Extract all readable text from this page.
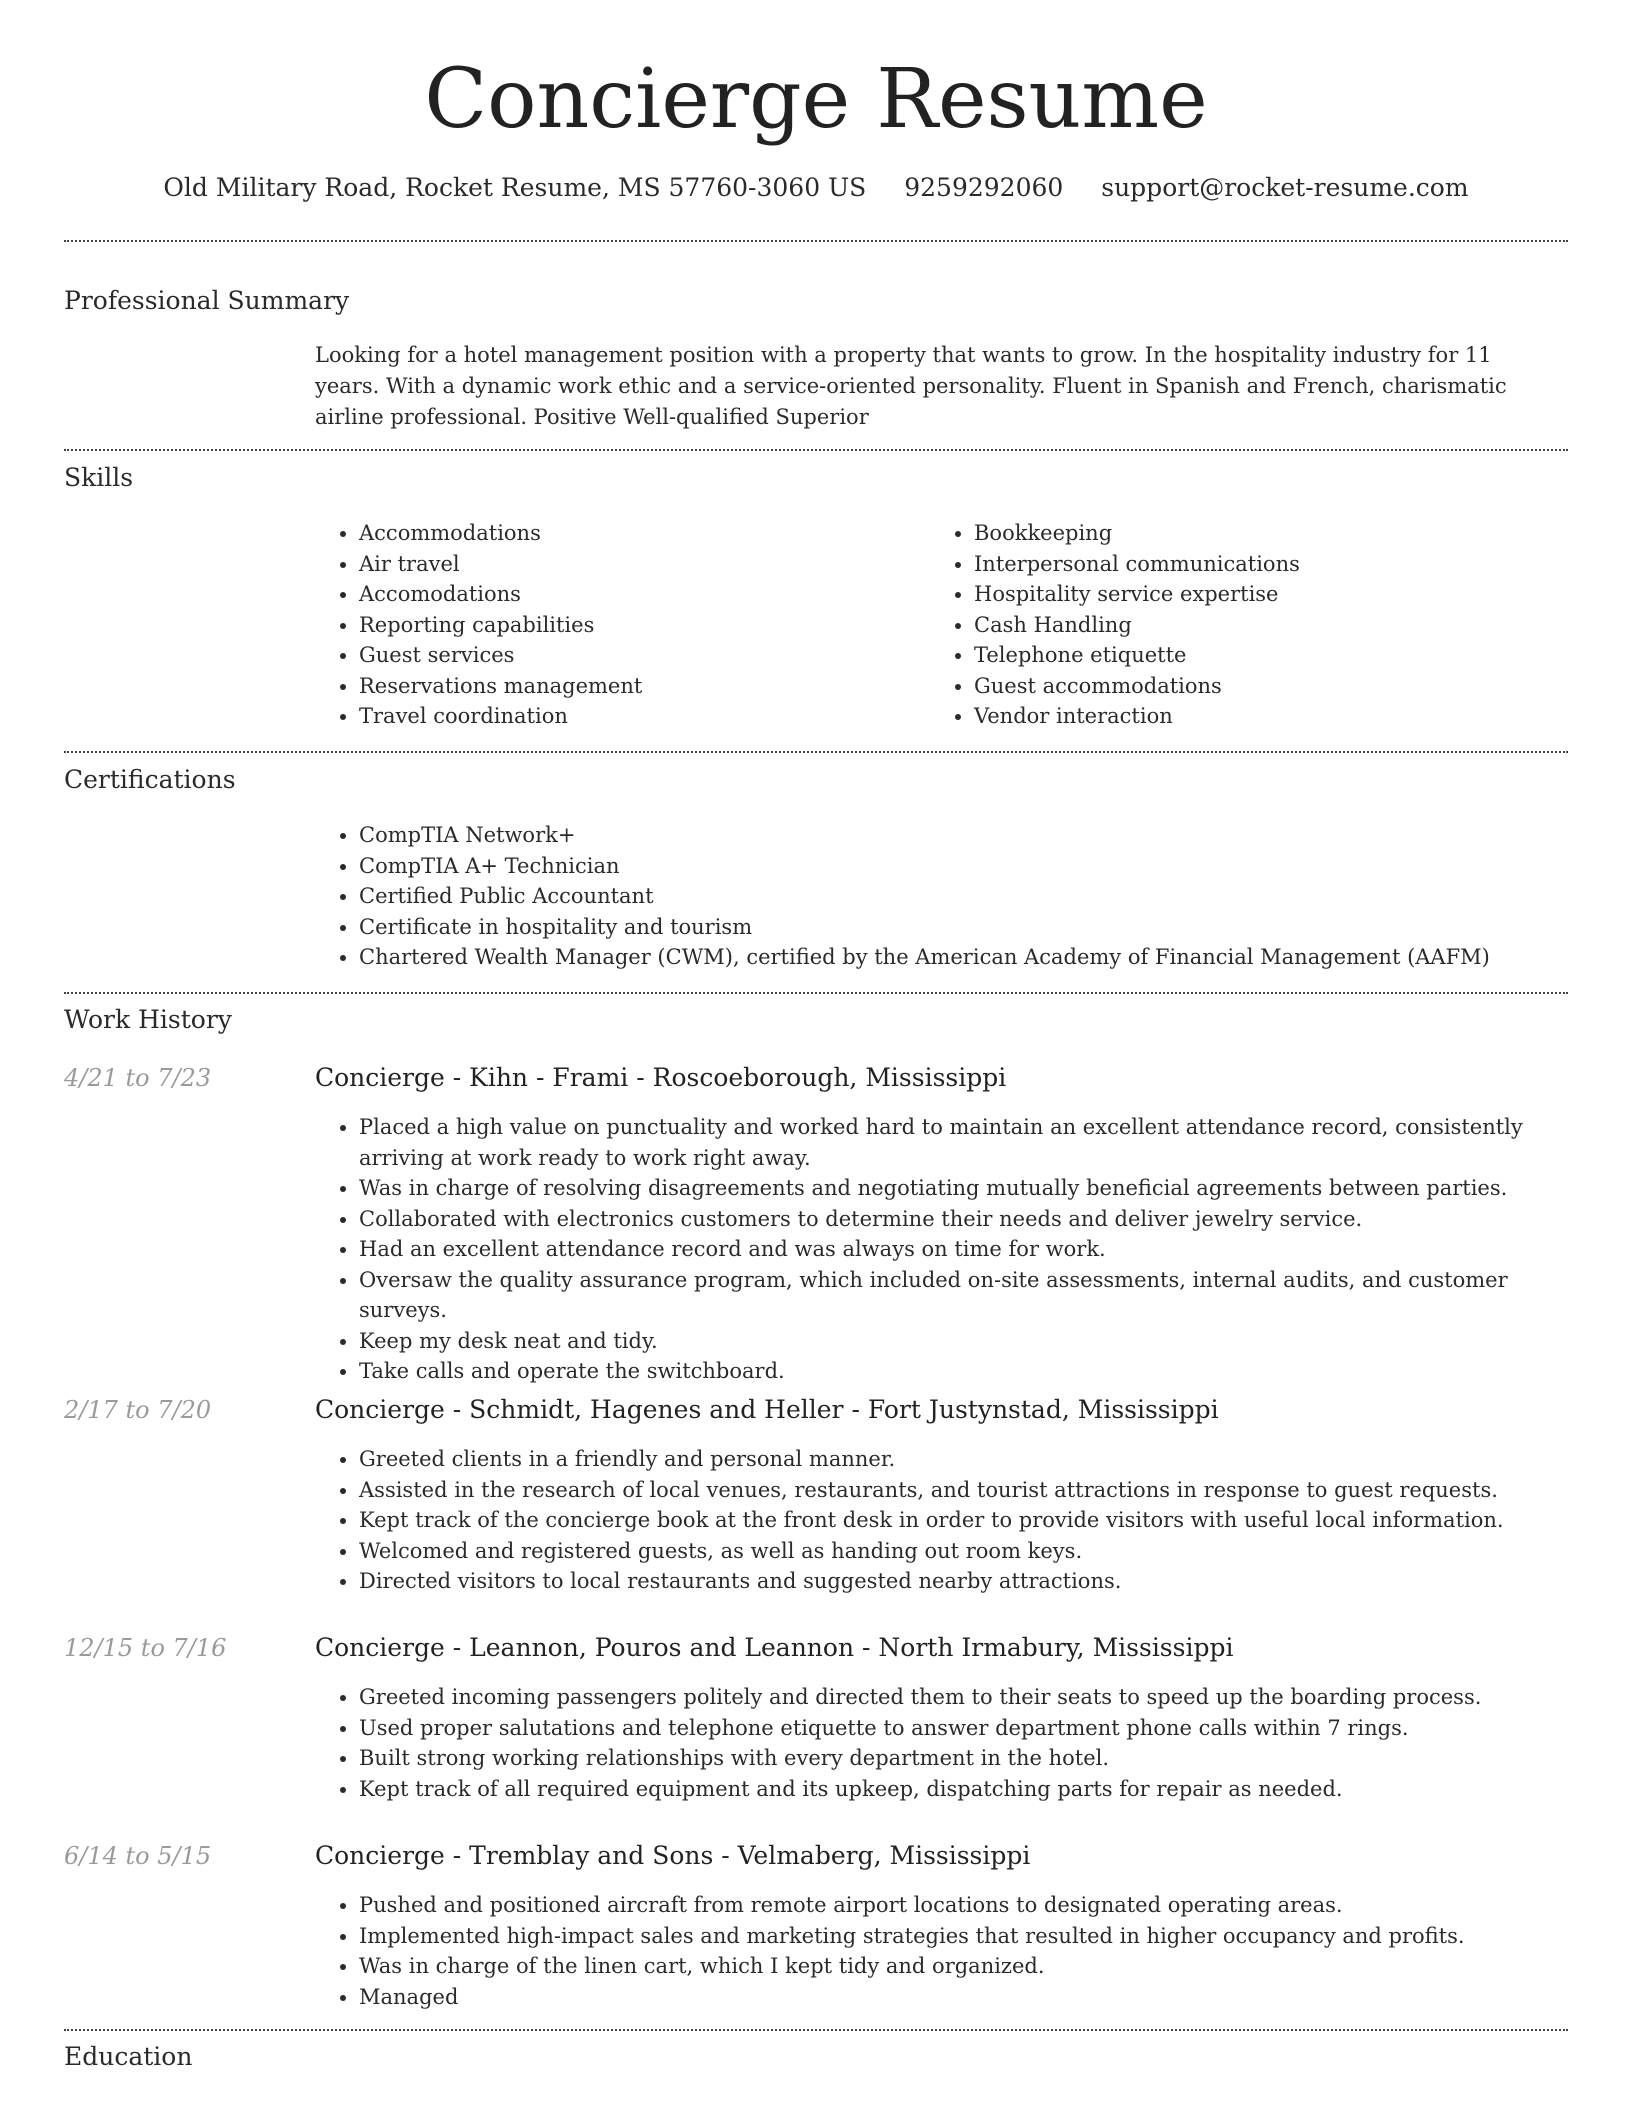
Concierge Resume
Old Military Road, Rocket Resume, MS 57760-3060 US 9259292060 support@rocket-resume.com
Professional Summary
Looking for a hotel management position with a property that wants to grow. In the hospitality industry for 11 years. With a dynamic work ethic and a service-oriented personality. Fluent in Spanish and French, charismatic airline professional. Positive Well-qualified Superior
Skills
• Accommodations
• Air travel
• Accomodations
• Reporting capabilities
• Guest services
• Reservations management
• Travel coordination
• Bookkeeping
• Interpersonal communications
• Hospitality service expertise
• Cash Handling
• Telephone etiquette
• Guest accommodations
• Vendor interaction
Certifications
• CompTIA Network+
• CompTIA A+ Technician
• Certified Public Accountant
• Certificate in hospitality and tourism
• Chartered Wealth Manager (CWM), certified by the American Academy of Financial Management (AAFM)
Work History
4/21 to 7/23	Concierge - Kihn - Frami - Roscoeborough, Mississippi
• Placed a high value on punctuality and worked hard to maintain an excellent attendance record, consistently arriving at work ready to work right away.
• Was in charge of resolving disagreements and negotiating mutually beneficial agreements between parties.
• Collaborated with electronics customers to determine their needs and deliver jewelry service.
• Had an excellent attendance record and was always on time for work.
• Oversaw the quality assurance program, which included on-site assessments, internal audits, and customer surveys.
• Keep my desk neat and tidy.
• Take calls and operate the switchboard.
2/17 to 7/20	Concierge - Schmidt, Hagenes and Heller - Fort Justynstad, Mississippi
• Greeted clients in a friendly and personal manner.
• Assisted in the research of local venues, restaurants, and tourist attractions in response to guest requests.
• Kept track of the concierge book at the front desk in order to provide visitors with useful local information.
• Welcomed and registered guests, as well as handing out room keys.
• Directed visitors to local restaurants and suggested nearby attractions.
12/15 to 7/16	Concierge - Leannon, Pouros and Leannon - North Irmabury, Mississippi
• Greeted incoming passengers politely and directed them to their seats to speed up the boarding process.
• Used proper salutations and telephone etiquette to answer department phone calls within 7 rings.
• Built strong working relationships with every department in the hotel.
• Kept track of all required equipment and its upkeep, dispatching parts for repair as needed.
6/14 to 5/15	Concierge - Tremblay and Sons - Velmaberg, Mississippi
• Pushed and positioned aircraft from remote airport locations to designated operating areas.
• Implemented high-impact sales and marketing strategies that resulted in higher occupancy and profits.
• Was in charge of the linen cart, which I kept tidy and organized.
• Managed
Education
